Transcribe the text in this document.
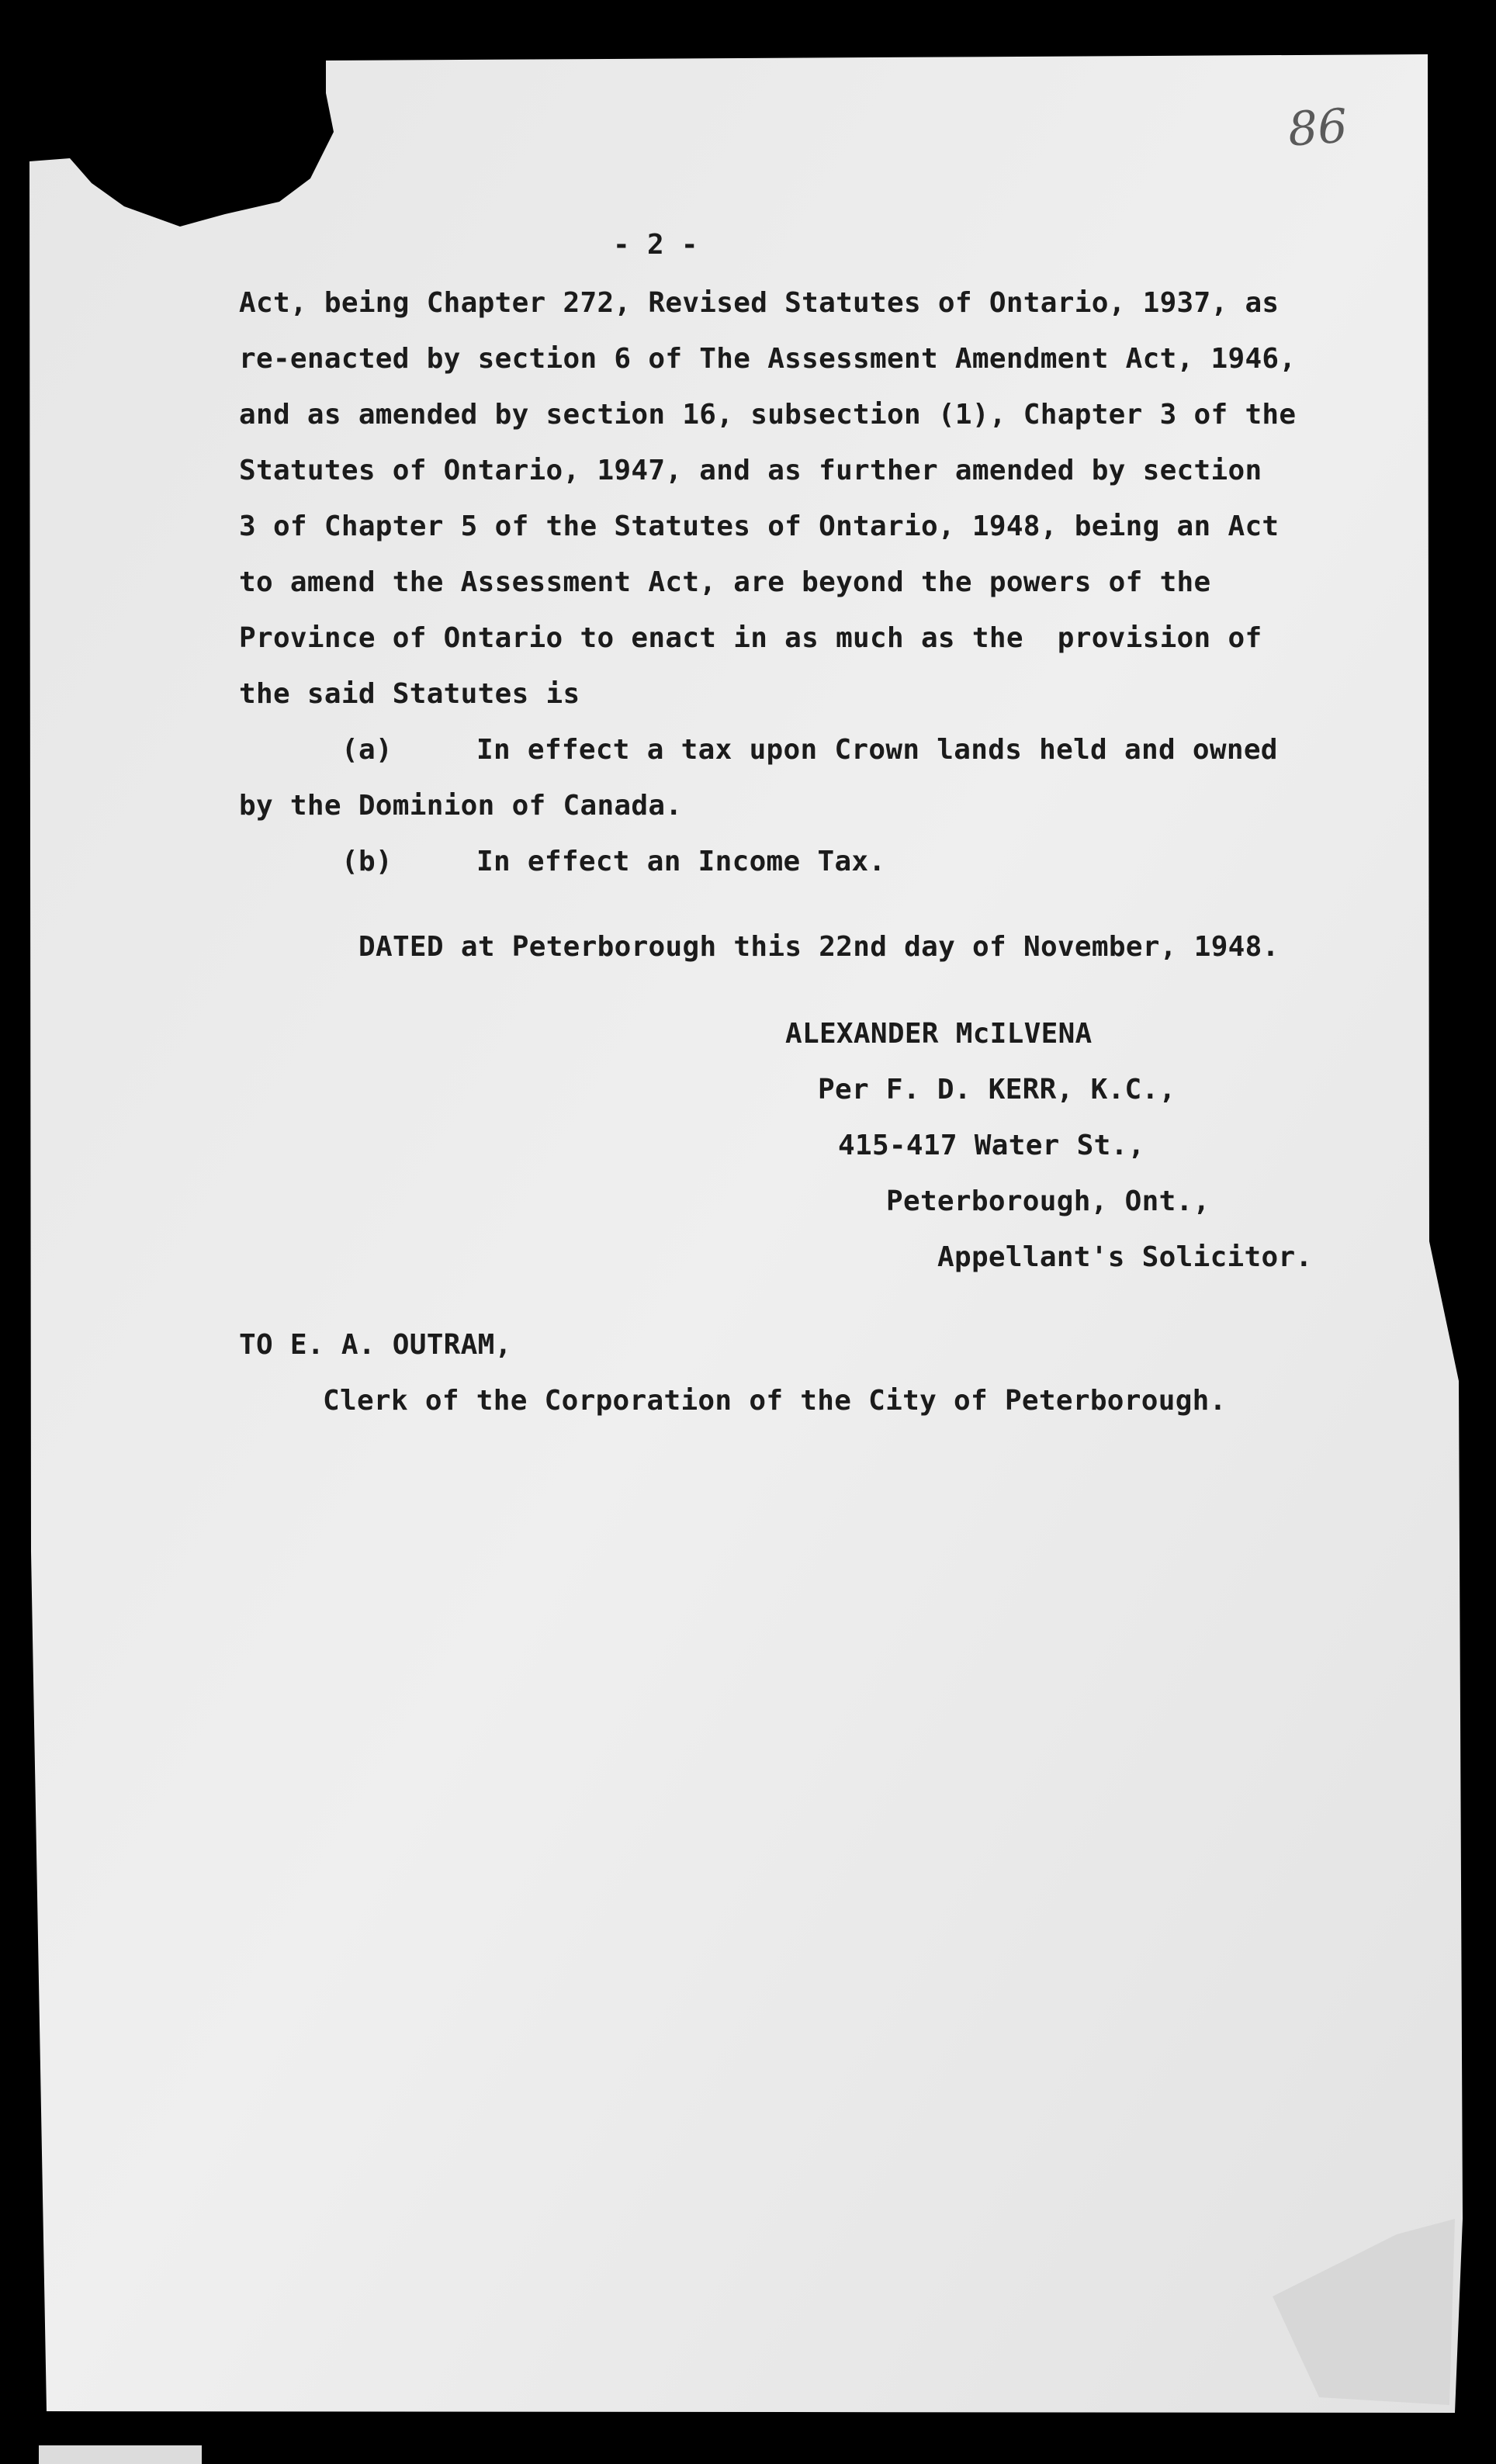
86
- 2 -
Act, being Chapter 272, Revised Statutes of Ontario, 1937, as
re-enacted by section 6 of The Assessment Amendment Act, 1946,
and as amended by section 16, subsection (1), Chapter 3 of the
Statutes of Ontario, 1947, and as further amended by section
3 of Chapter 5 of the Statutes of Ontario, 1948, being an Act
to amend the Assessment Act, are beyond the powers of the
Province of Ontario to enact in as much as the  provision of
the said Statutes is
(a)	In effect a tax upon Crown lands held and owned
by the Dominion of Canada.
(b)	In effect an Income Tax.
DATED at Peterborough this 22nd day of November, 1948.
ALEXANDER McILVENA
Per F. D. KERR, K.C.,
415-417 Water St.,
Peterborough, Ont.,
Appellant's Solicitor.
TO E. A. OUTRAM,
Clerk of the Corporation of the City of Peterborough.
